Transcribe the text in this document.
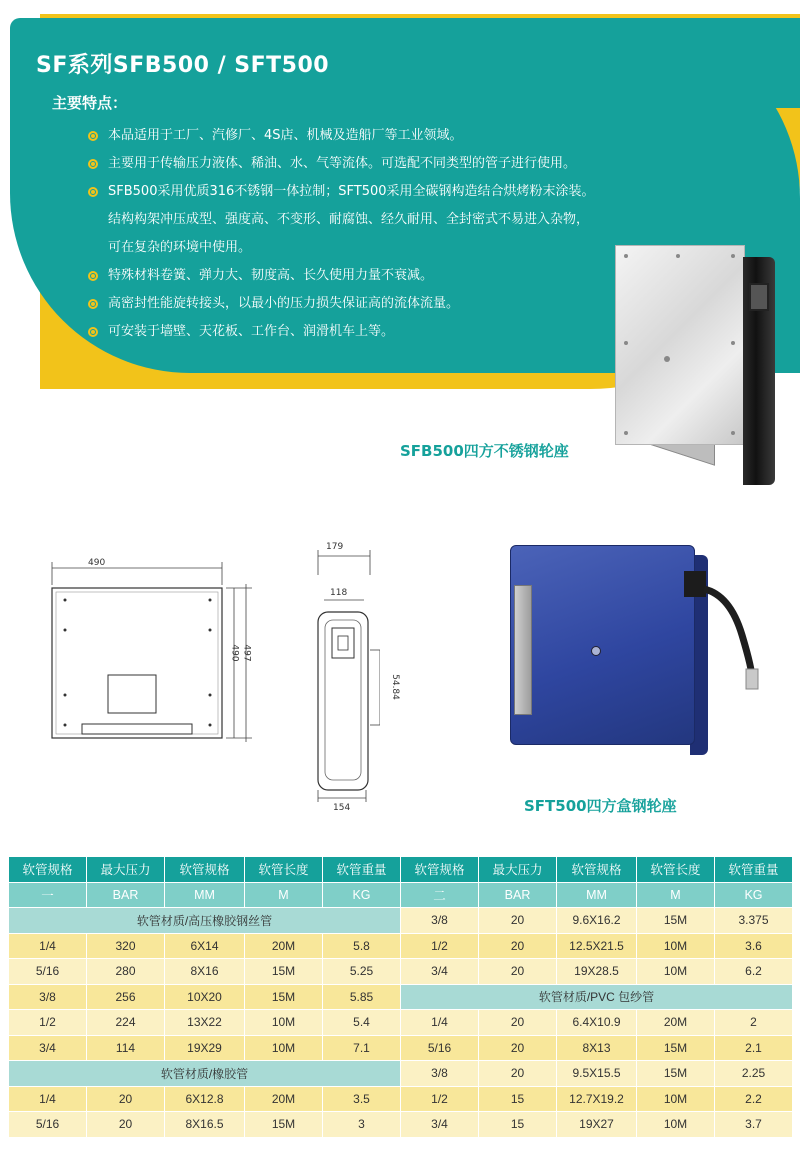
SF系列SFB500 / SFT500
主要特点：
本品适用于工厂、汽修厂、4S店、机械及造船厂等工业领域。
主要用于传输压力液体、稀油、水、气等流体。可选配不同类型的管子进行使用。
SFB500采用优质316不锈钢一体拉制；SFT500采用全碳钢构造结合烘烤粉末涂装。
结构构架冲压成型、强度高、不变形、耐腐蚀、经久耐用、全封密式不易进入杂物，
可在复杂的环境中使用。
特殊材料卷簧、弹力大、韧度高、长久使用力量不衰减。
高密封性能旋转接头，以最小的压力损失保证高的流体流量。
可安装于墙壁、天花板、工作台、润滑机车上等。
SFB500四方不锈钢轮座
490
490 497
179
118
54.84
154	SFT500四方盒钢轮座
软管规格	最大压力	软管规格	软管长度	软管重量	软管规格	最大压力	软管规格	软管长度	软管重量
一	BAR	MM	M	KG	二	BAR	MM	M	KG
软管材质/高压橡胶钢丝管					3/8	20	9.6X16.2	15M	3.375
1/4	320	6X14	20M	5.8	1/2	20	12.5X21.5	10M	3.6
5/16	280	8X16	15M	5.25	3/4	20	19X28.5	10M	6.2
3/8	256	10X20	15M	5.85	软管材质/PVC 包纱管				
1/2	224	13X22	10M	5.4	1/4	20	6.4X10.9	20M	2
3/4	114	19X29	10M	7.1	5/16	20	8X13	15M	2.1
软管材质/橡胶管					3/8	20	9.5X15.5	15M	2.25
1/4	20	6X12.8	20M	3.5	1/2	15	12.7X19.2	10M	2.2
5/16	20	8X16.5	15M	3	3/4	15	19X27	10M	3.7
